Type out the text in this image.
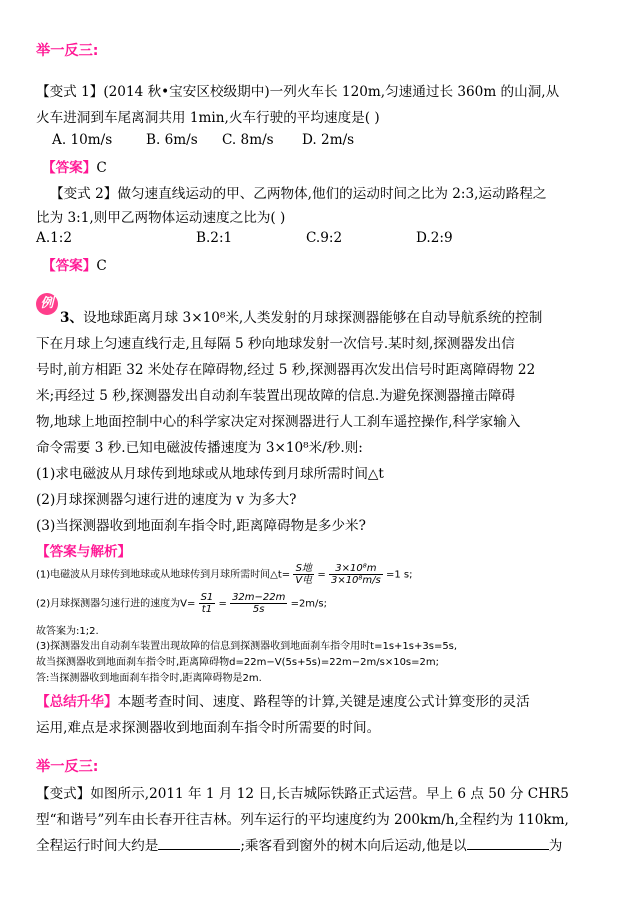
举一反三:
【变式 1】(2014 秋•宝安区校级期中)一列火车长 120m,匀速通过长 360m 的山洞,从
火车进洞到车尾离洞共用 1min,火车行驶的平均速度是( )
A. 10m/s B. 6m/s C. 8m/s D. 2m/s
【答案】C
【变式 2】做匀速直线运动的甲、乙两物体,他们的运动时间之比为 2:3,运动路程之
比为 3:1,则甲乙两物体运动速度之比为( )
A.1:2	B.2:1	C.9:2	D.2:9
【答案】C
例
3、设地球距离月球 3×10⁸米,人类发射的月球探测器能够在自动导航系统的控制
下在月球上匀速直线行走,且每隔 5 秒向地球发射一次信号.某时刻,探测器发出信
号时,前方相距 32 米处存在障碍物,经过 5 秒,探测器再次发出信号时距离障碍物 22
米;再经过 5 秒,探测器发出自动刹车装置出现故障的信息.为避免探测器撞击障碍
物,地球上地面控制中心的科学家决定对探测器进行人工刹车遥控操作,科学家输入
命令需要 3 秒.已知电磁波传播速度为 3×10⁸米/秒.则:
(1)求电磁波从月球传到地球或从地球传到月球所需时间△t
(2)月球探测器匀速行进的速度为 v 为多大?
(3)当探测器收到地面刹车指令时,距离障碍物是多少米?
【答案与解析】
(1)电磁波从月球传到地球或从地球传到月球所需时间△t= $\frac{\text{S地}}{\text{V电}} = \frac{\text{3×10⁸m}}{\text{3×10⁸m/s}} =1$ s;
(2)月球探测器匀速行进的速度为$V= \frac{S1}{t1} = \frac{32m-22m}{5s} =2m/s$;
故答案为:1;2.
(3)探测器发出自动刹车装置出现故障的信息到探测器收到地面刹车指令用时t=1s+1s+3s=5s,
故当探测器收到地面刹车指令时,距离障碍物d=22m−V(5s+5s)=22m−2m/s×10s=2m;
答:当探测器收到地面刹车指令时,距离障碍物是2m.
【总结升华】本题考查时间、速度、路程等的计算,关键是速度公式计算变形的灵活
运用,难点是求探测器收到地面刹车指令时所需要的时间。
举一反三:
【变式】如图所示,2011 年 1 月 12 日,长吉城际铁路正式运营。早上 6 点 50 分 CHR5
型“和谐号”列车由长春开往吉林。列车运行的平均速度约为 200km/h,全程约为 110km,
全程运行时间大约是	;乘客看到窗外的树木向后运动,他是以	为
